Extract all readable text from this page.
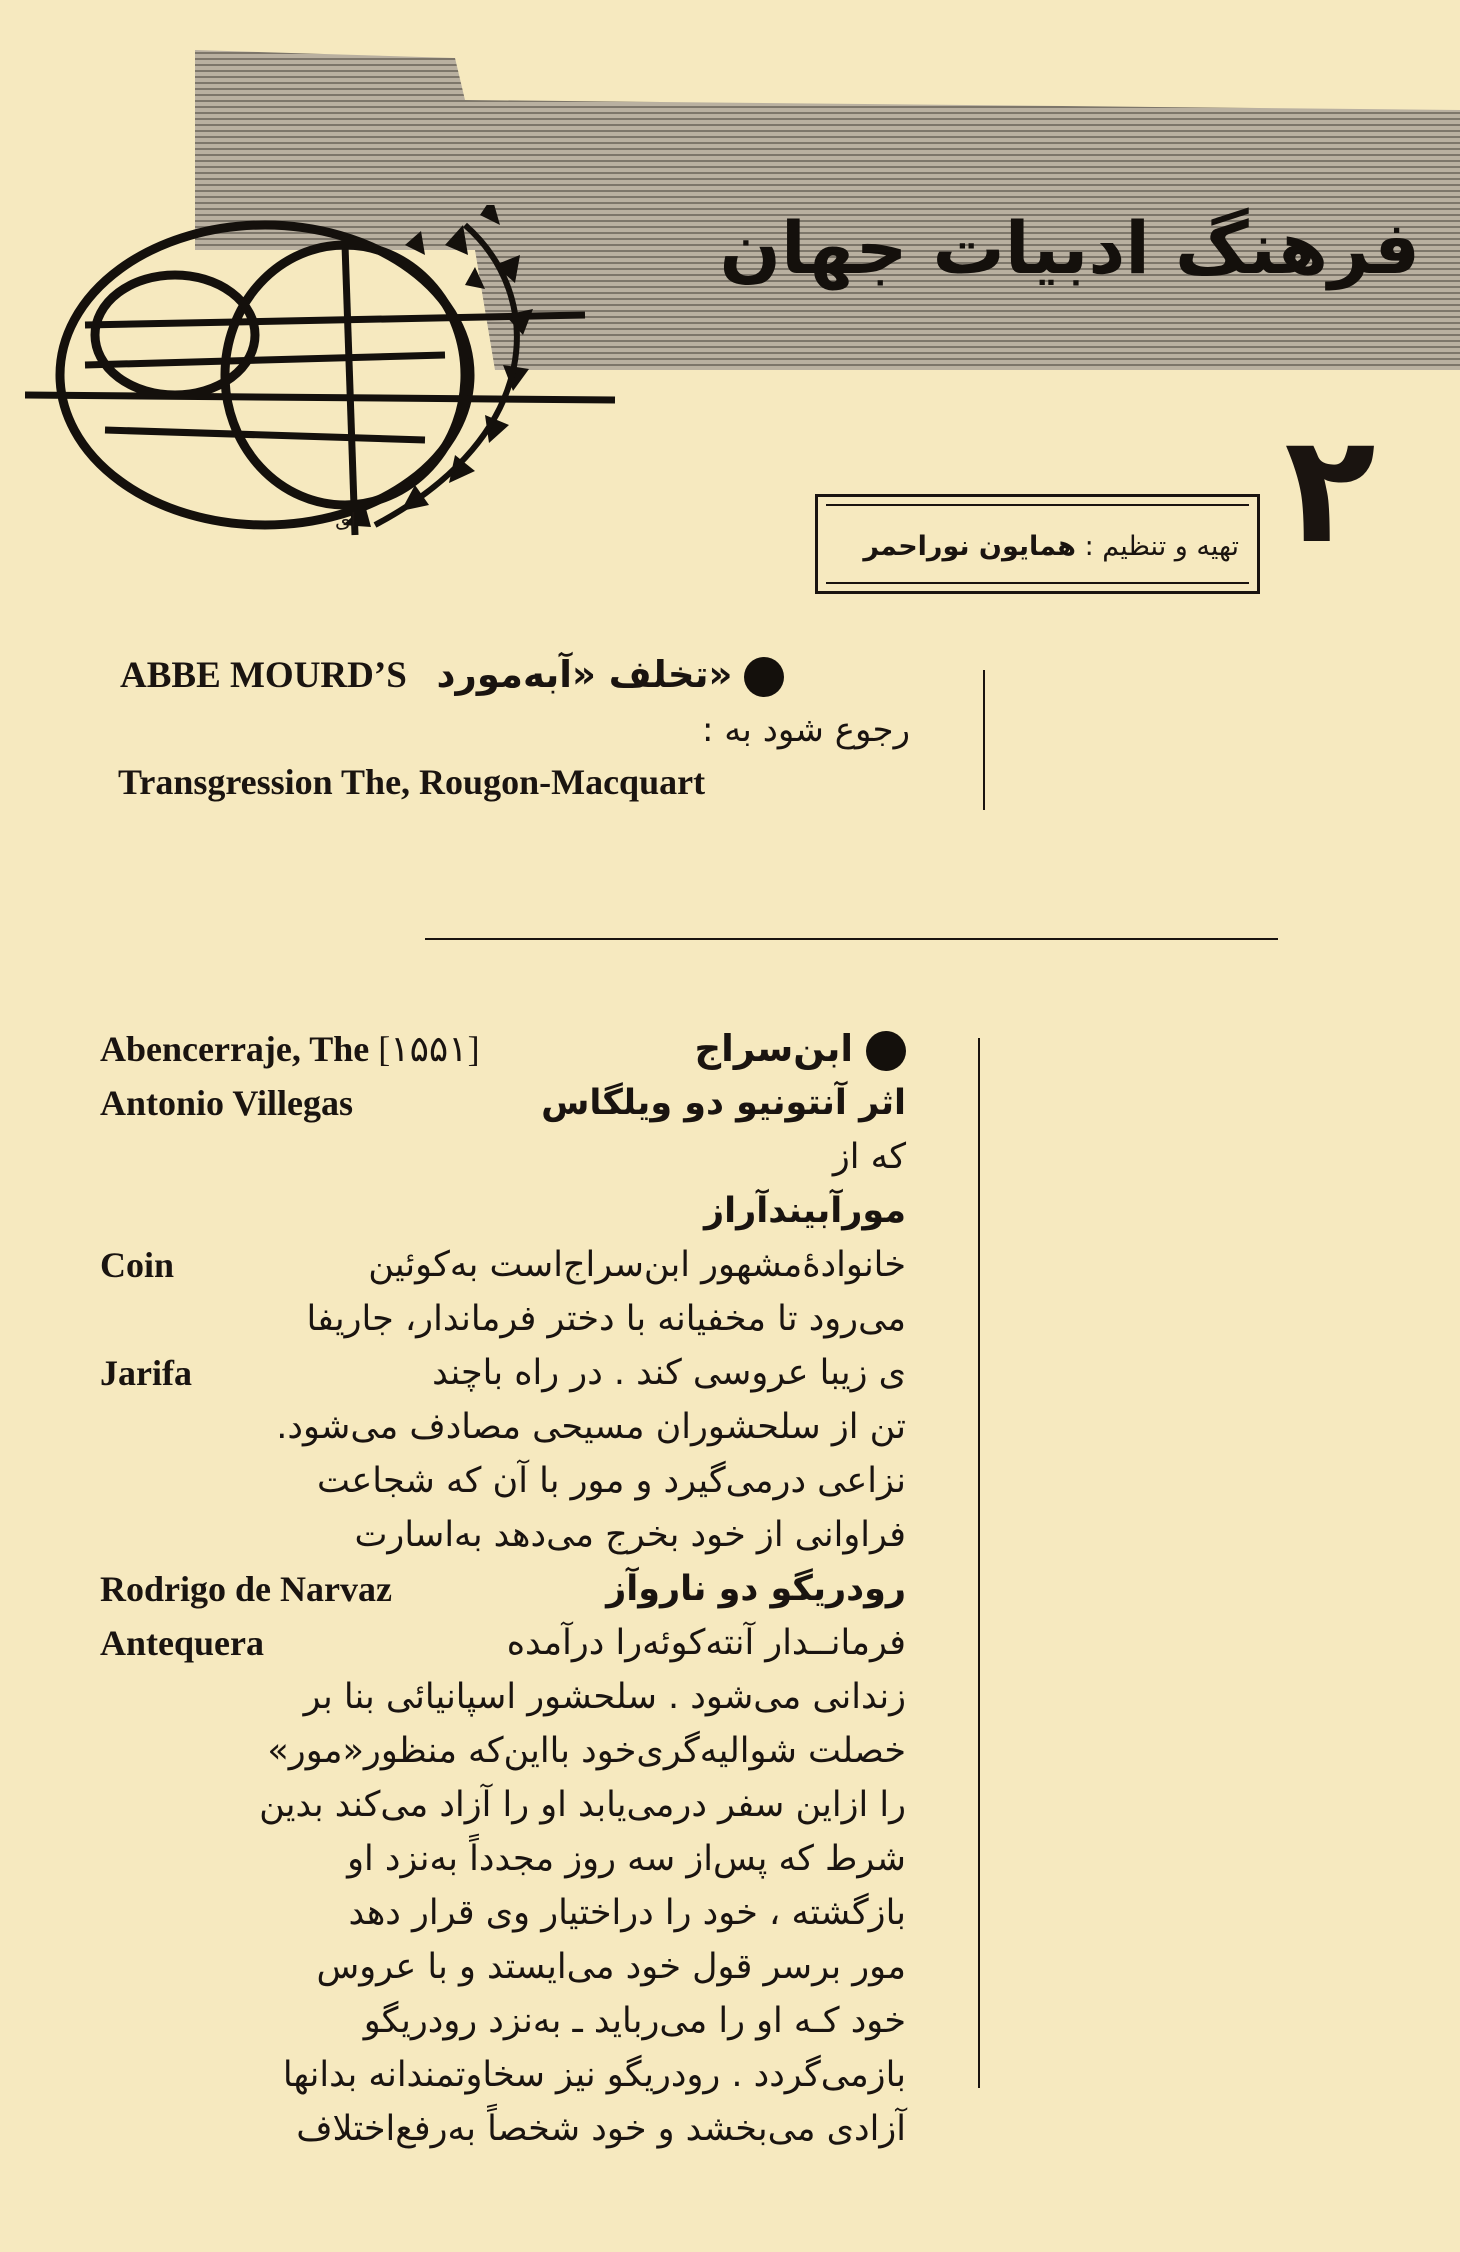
فرهنگ ادبیات جهان
ای	۲
تهیه و تنظیم : همایون نوراحمر
ABBE MOURD’S تخلف «آبه‌مورد»
رجوع شود به :
Transgression The, Rougon-Macquart
Abencerraje, The [۱۵۵۱]	ابن‌سراج
Antonio Villegas	اثر آنتونیو دو ویلگاس
که از
مورآبیندآراز
Coin	خانوادهٔ‌مشهور ابن‌سراج‌است به‌کوئین
می‌رود تا مخفیانه با دختر فرماندار، جاریفا
Jarifa	ی زیبا عروسی کند . در راه باچند
تن از سلحشوران مسیحی مصادف می‌شود.
نزاعی درمی‌گیرد و مور با آن که شجاعت
فراوانی از خود بخرج می‌دهد به‌اسارت
Rodrigo de Narvaz	رودریگو دو ناروآز
Antequera	فرمانــدار آنته‌کوئه‌را درآمده
زندانی می‌شود . سلحشور اسپانیائی بنا بر
خصلت شوالیه‌گری‌خود بااین‌که منظور«مور»
را ازاین سفر درمی‌یابد او را آزاد می‌کند بدین
شرط که پس‌از سه روز مجدداً به‌نزد او
بازگشته ، خود را دراختیار وی قرار دهد
مور برسر قول خود می‌ایستد و با عروس
خود کـه او را می‌رباید ـ به‌نزد رودریگو
بازمی‌گردد . رودریگو نیز سخاوتمندانه بدانها
آزادی می‌بخشد و خود شخصاً به‌رفع‌اختلاف
